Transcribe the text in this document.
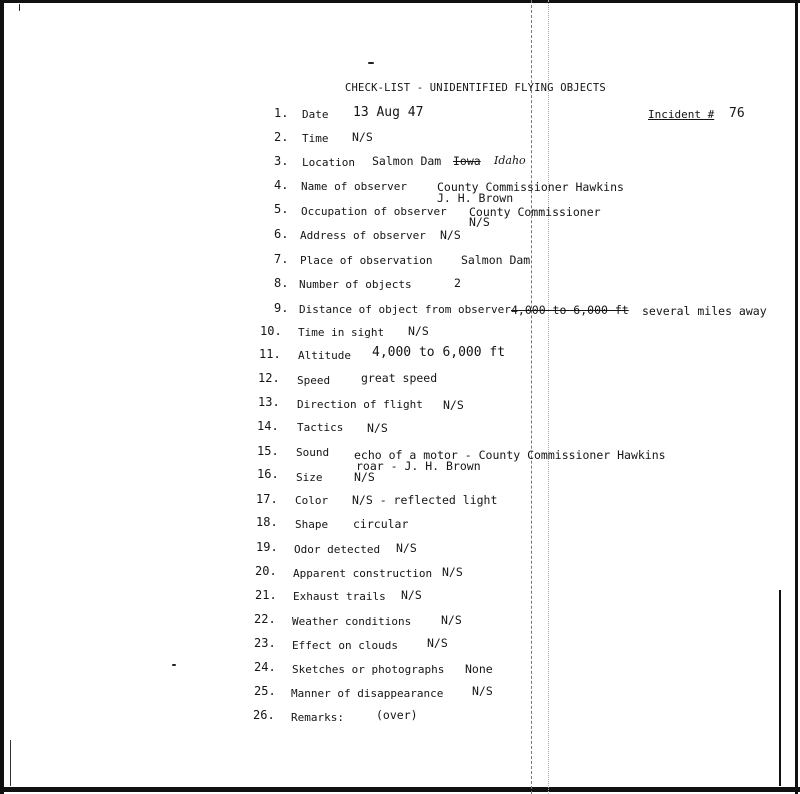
CHECK-LIST - UNIDENTIFIED FLYING OBJECTS
Incident # 76
1. Date 13 Aug 47
2. Time N/S
3. Location Salmon Dam Iowa Idaho
4. Name of observer	County Commissioner Hawkins
J. H. Brown
5. Occupation of observer County Commissioner
N/S
6. Address of observer N/S
7. Place of observation Salmon Dam
8. Number of objects	2
9. Distance of object from observer 4,000 to 6,000 ft several miles away
10. Time in sight N/S
11. Altitude 4,000 to 6,000 ft
12. Speed	great speed
13. Direction of flight N/S
14. Tactics N/S
15. Sound echo of a motor - County Commissioner Hawkins
roar - J. H. Brown
16. Size	N/S
17. Color N/S - reflected light
18. Shape circular
19. Odor detected N/S
20. Apparent construction N/S
21. Exhaust trails N/S
22. Weather conditions	N/S
23. Effect on clouds	N/S
24. Sketches or photographs None
25. Manner of disappearance N/S
26. Remarks:	(over)
